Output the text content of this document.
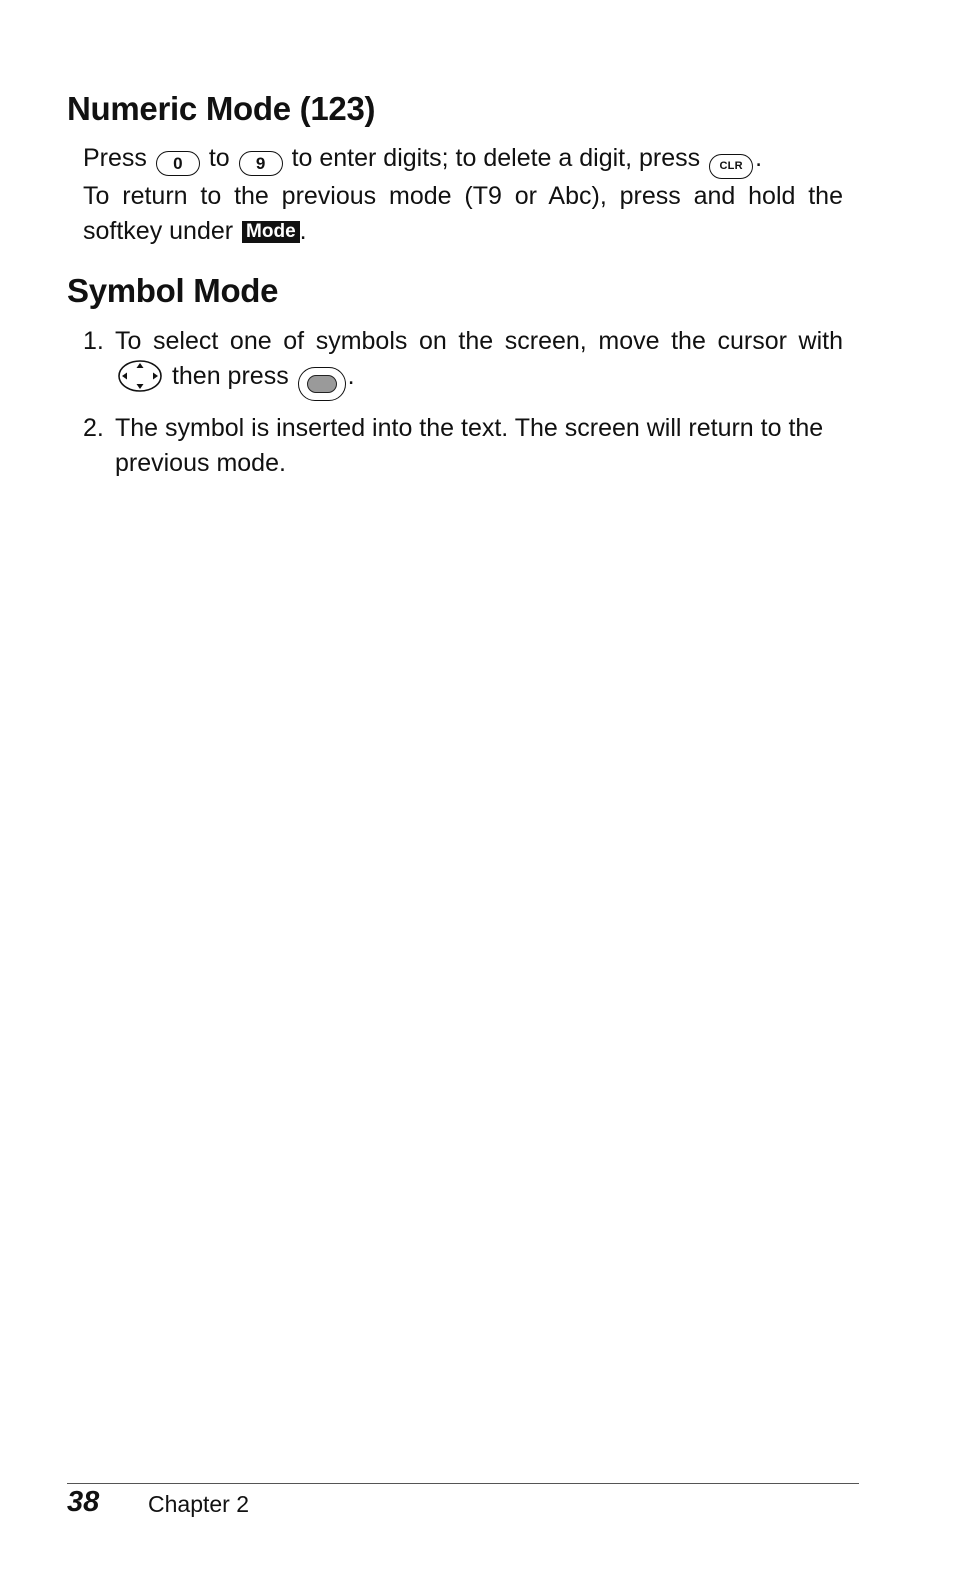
Numeric Mode (123)
Press 0 to 9 to enter digits; to delete a digit, press CLR .
To return to the previous mode (T9 or Abc), press and hold the softkey under Mode .
Symbol Mode
1. To select one of symbols on the screen, move the cursor with
then press .
2. The symbol is inserted into the text. The screen will return to the previous mode.
38 Chapter 2
